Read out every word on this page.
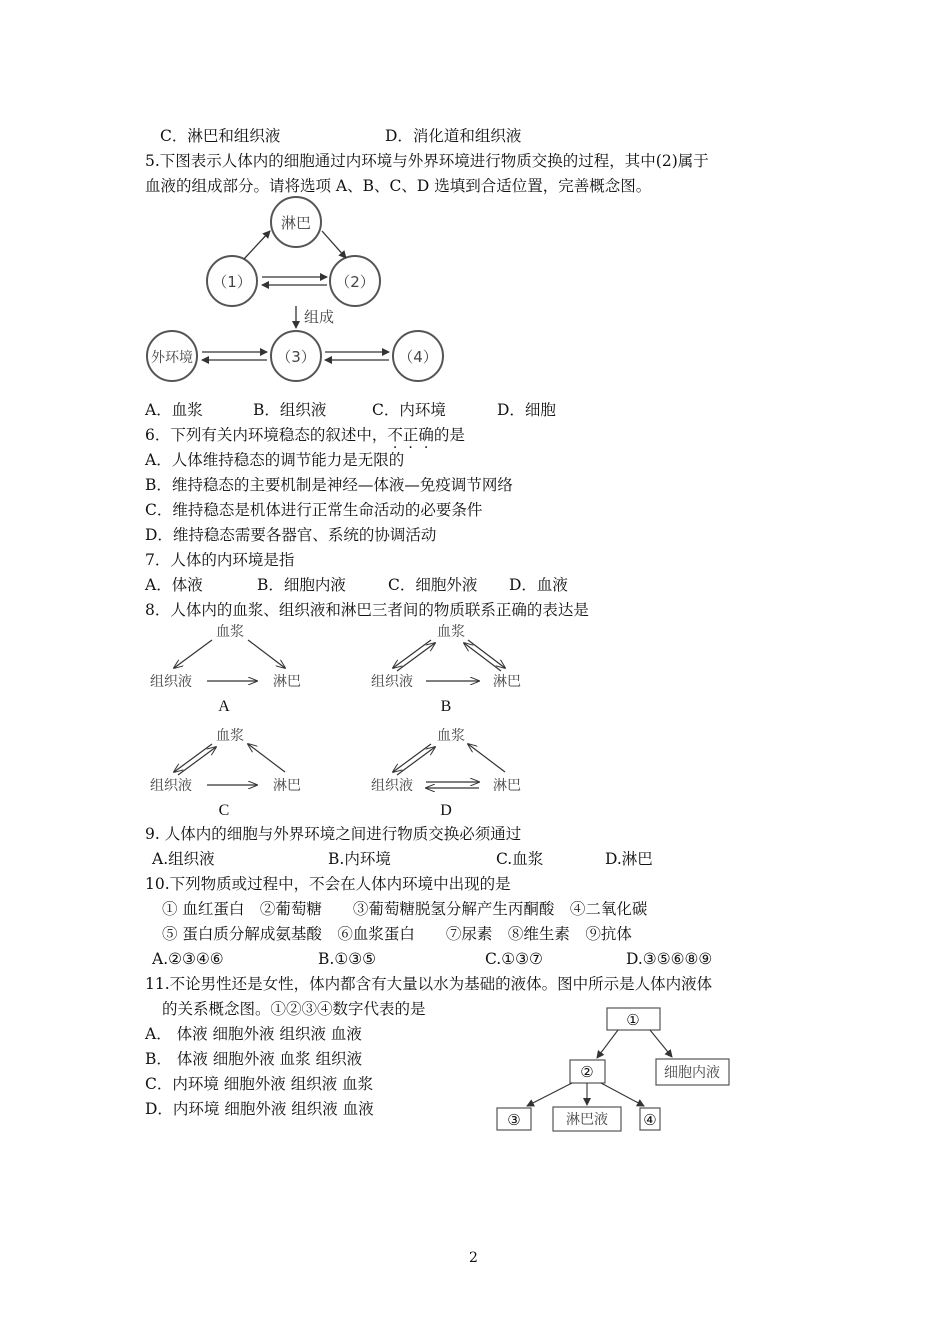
C．淋巴和组织液	D．消化道和组织液
5.下图表示人体内的细胞通过内环境与外界环境进行物质交换的过程，其中(2)属于
血液的组成部分。请将选项 A、B、C、D 选填到合适位置，完善概念图。
淋巴
（1）	（2）
外环境	（3）	（4）
组成
A．血浆	B．组织液	C．内环境	D．细胞
6．下列有关内环境稳态的叙述中，不正确的是
A．人体维持稳态的调节能力是无限的
B．维持稳态的主要机制是神经—体液—免疫调节网络
C．维持稳态是机体进行正常生命活动的必要条件
D．维持稳态需要各器官、系统的协调活动
7．人体的内环境是指
A．体液	B．细胞内液	C．细胞外液 D．血液
8．人体内的血浆、组织液和淋巴三者间的物质联系正确的表达是
血浆
组织液	淋巴
A
血浆
组织液	淋巴
B
血浆
组织液	淋巴
C
血浆
组织液	淋巴
D
9. 人体内的细胞与外界环境之间进行物质交换必须通过
A.组织液	B.内环境	C.血浆	D.淋巴
10.下列物质或过程中，不会在人体内环境中出现的是
① 血红蛋白　②葡萄糖　　③葡萄糖脱氢分解产生丙酮酸　④二氧化碳
⑤ 蛋白质分解成氨基酸　⑥血浆蛋白　　⑦尿素　⑧维生素　⑨抗体
A.②③④⑥	B.①③⑤	C.①③⑦	D.③⑤⑥⑧⑨
11.不论男性还是女性，体内都含有大量以水为基础的液体。图中所示是人体内液体
的关系概念图。①②③④数字代表的是
A． 体液 细胞外液 组织液 血液
B． 体液 细胞外液 血浆 组织液
C．内环境 细胞外液 组织液 血浆
D．内环境 细胞外液 组织液 血液
①
②	细胞内液
③	淋巴液 ④
2
